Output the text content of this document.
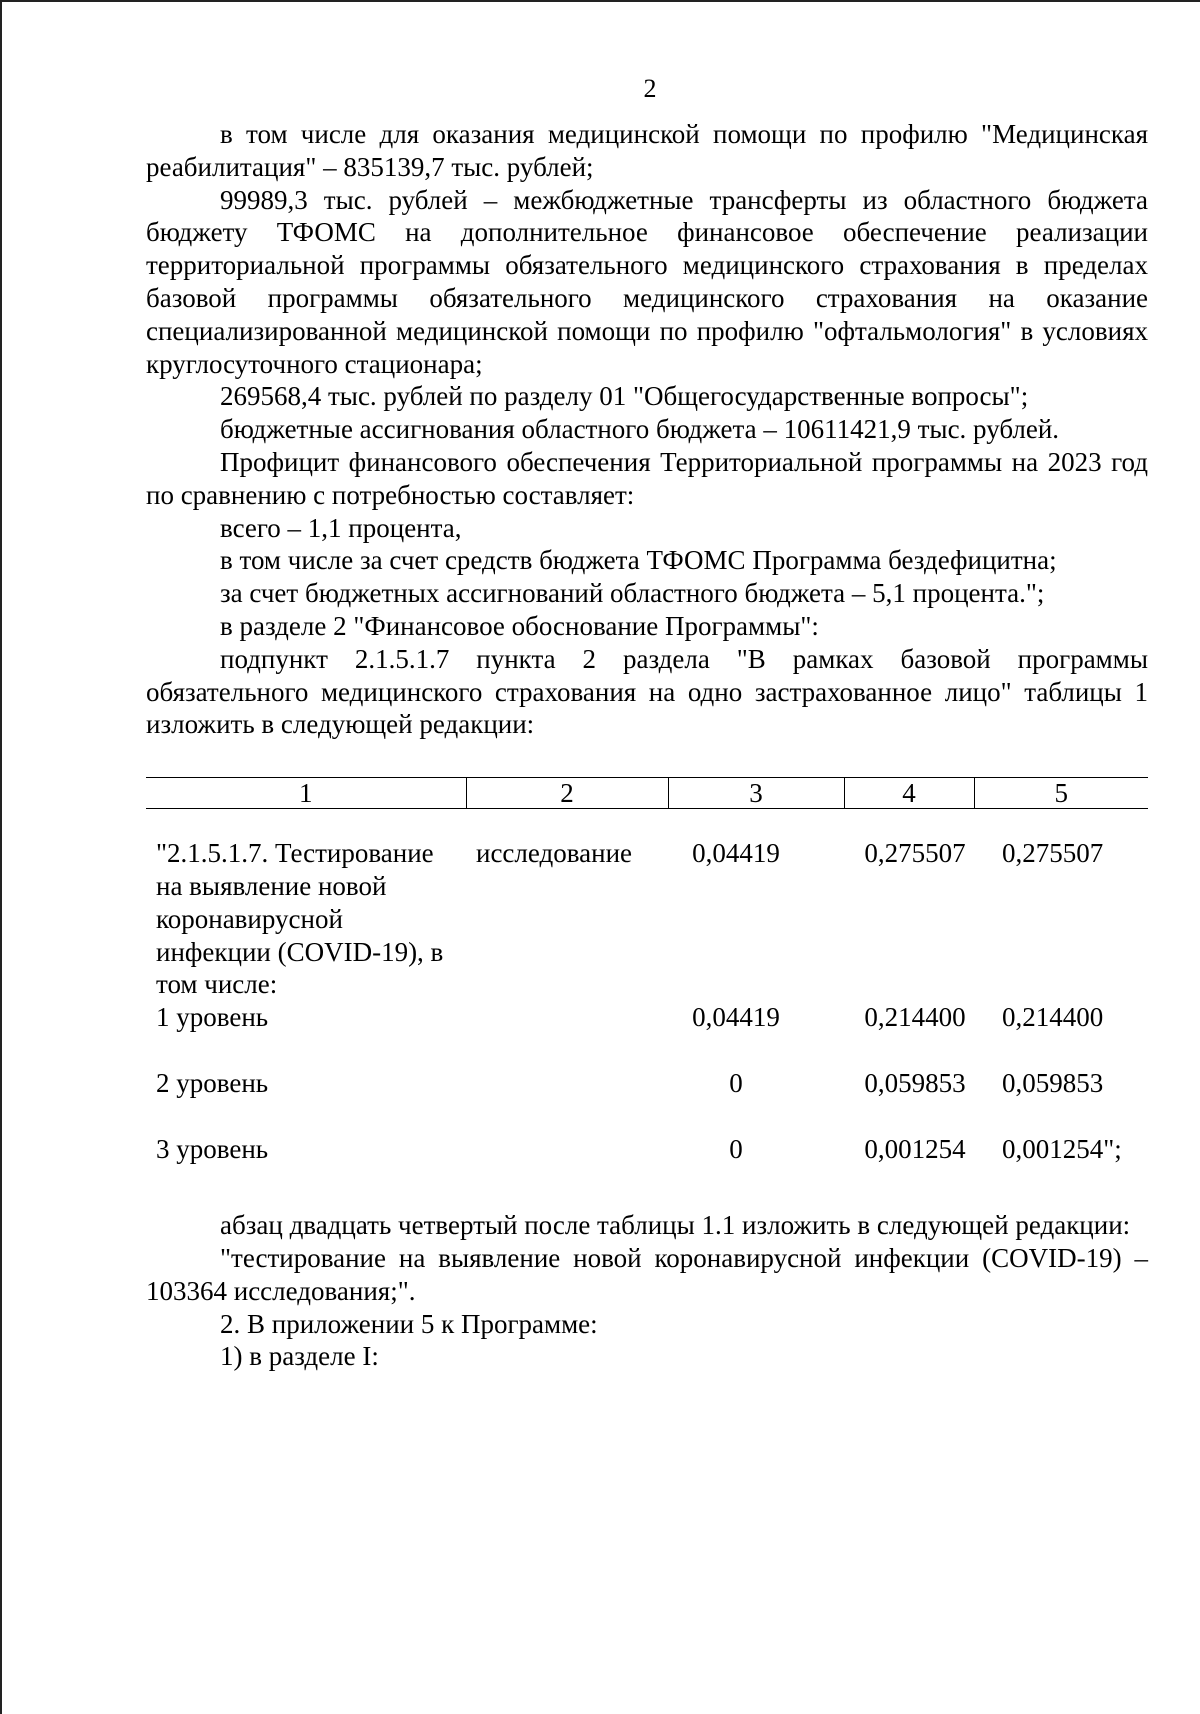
2

в том числе для оказания медицинской помощи по профилю "Медицинская реабилитация" – 835139,7 тыс. рублей;

99989,3 тыс. рублей – межбюджетные трансферты из областного бюджета бюджету ТФОМС на дополнительное финансовое обеспечение реализации территориальной программы обязательного медицинского страхования в пределах базовой программы обязательного медицинского страхования на оказание специализированной медицинской помощи по профилю "офтальмология" в условиях круглосуточного стационара;

269568,4 тыс. рублей по разделу 01 "Общегосударственные вопросы";

бюджетные ассигнования областного бюджета – 10611421,9 тыс. рублей.

Профицит финансового обеспечения Территориальной программы на 2023 год по сравнению с потребностью составляет:

всего – 1,1 процента,

в том числе за счет средств бюджета ТФОМС Программа бездефицитна;

за счет бюджетных ассигнований областного бюджета – 5,1 процента.";

в разделе 2 "Финансовое обоснование Программы":

подпункт 2.1.5.1.7 пункта 2 раздела "В рамках базовой программы обязательного медицинского страхования на одно застрахованное лицо" таблицы 1 изложить в следующей редакции:

1	2	3	4	5

"2.1.5.1.7. Тестирование на выявление новой коронавирусной инфекции (COVID-19), в том числе:	исследование	0,04419	0,275507	0,275507
1 уровень		0,04419	0,214400	0,214400
2 уровень		0	0,059853	0,059853
3 уровень		0	0,001254	0,001254";

абзац двадцать четвертый после таблицы 1.1 изложить в следующей редакции:

"тестирование на выявление новой коронавирусной инфекции (COVID-19) – 103364 исследования;".

2. В приложении 5 к Программе:

1) в разделе I:
